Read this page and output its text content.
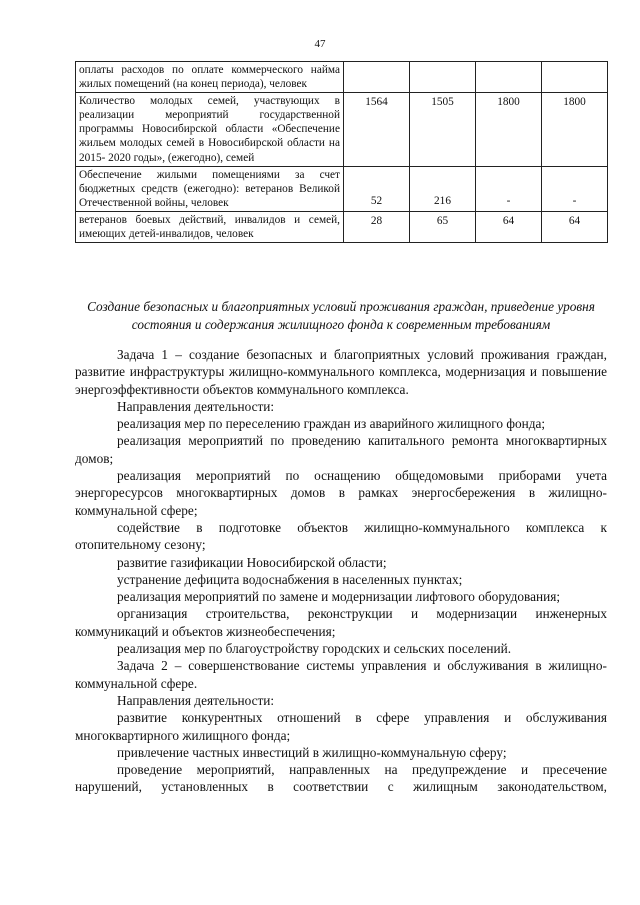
47
оплаты расходов по оплате коммерческого найма жилых помещений (на конец периода), человек				
Количество молодых семей, участвующих в реализации мероприятий государственной программы Новосибирской области «Обеспечение жильем молодых семей в Новосибирской области на 2015- 2020 годы», (ежегодно), семей	1564	1505	1800	1800
Обеспечение жилыми помещениями за счет бюджетных средств (ежегодно): ветеранов Великой Отечественной войны, человек	52	216	-	-
ветеранов боевых действий, инвалидов и семей, имеющих детей-инвалидов, человек	28	65	64	64
Создание безопасных и благоприятных условий проживания граждан, приведение уровня состояния и содержания жилищного фонда к современным требованиям

Задача 1 – создание безопасных и благоприятных условий проживания граждан, развитие инфраструктуры жилищно-коммунального комплекса, модернизация и повышение энергоэффективности объектов коммунального комплекса.

Направления деятельности:

реализация мер по переселению граждан из аварийного жилищного фонда;

реализация мероприятий по проведению капитального ремонта многоквартирных домов;

реализация мероприятий по оснащению общедомовыми приборами учета энергоресурсов многоквартирных домов в рамках энергосбережения в жилищно-коммунальной сфере;

содействие в подготовке объектов жилищно-коммунального комплекса к отопительному сезону;

развитие газификации Новосибирской области;

устранение дефицита водоснабжения в населенных пунктах;

реализация мероприятий по замене и модернизации лифтового оборудования;

организация строительства, реконструкции и модернизации инженерных коммуникаций и объектов жизнеобеспечения;

реализация мер по благоустройству городских и сельских поселений.

Задача 2 – совершенствование системы управления и обслуживания в жилищно-коммунальной сфере.

Направления деятельности:

развитие конкурентных отношений в сфере управления и обслуживания многоквартирного жилищного фонда;

привлечение частных инвестиций в жилищно-коммунальную сферу;

проведение мероприятий, направленных на предупреждение и пресечение нарушений, установленных в соответствии с жилищным законодательством,
